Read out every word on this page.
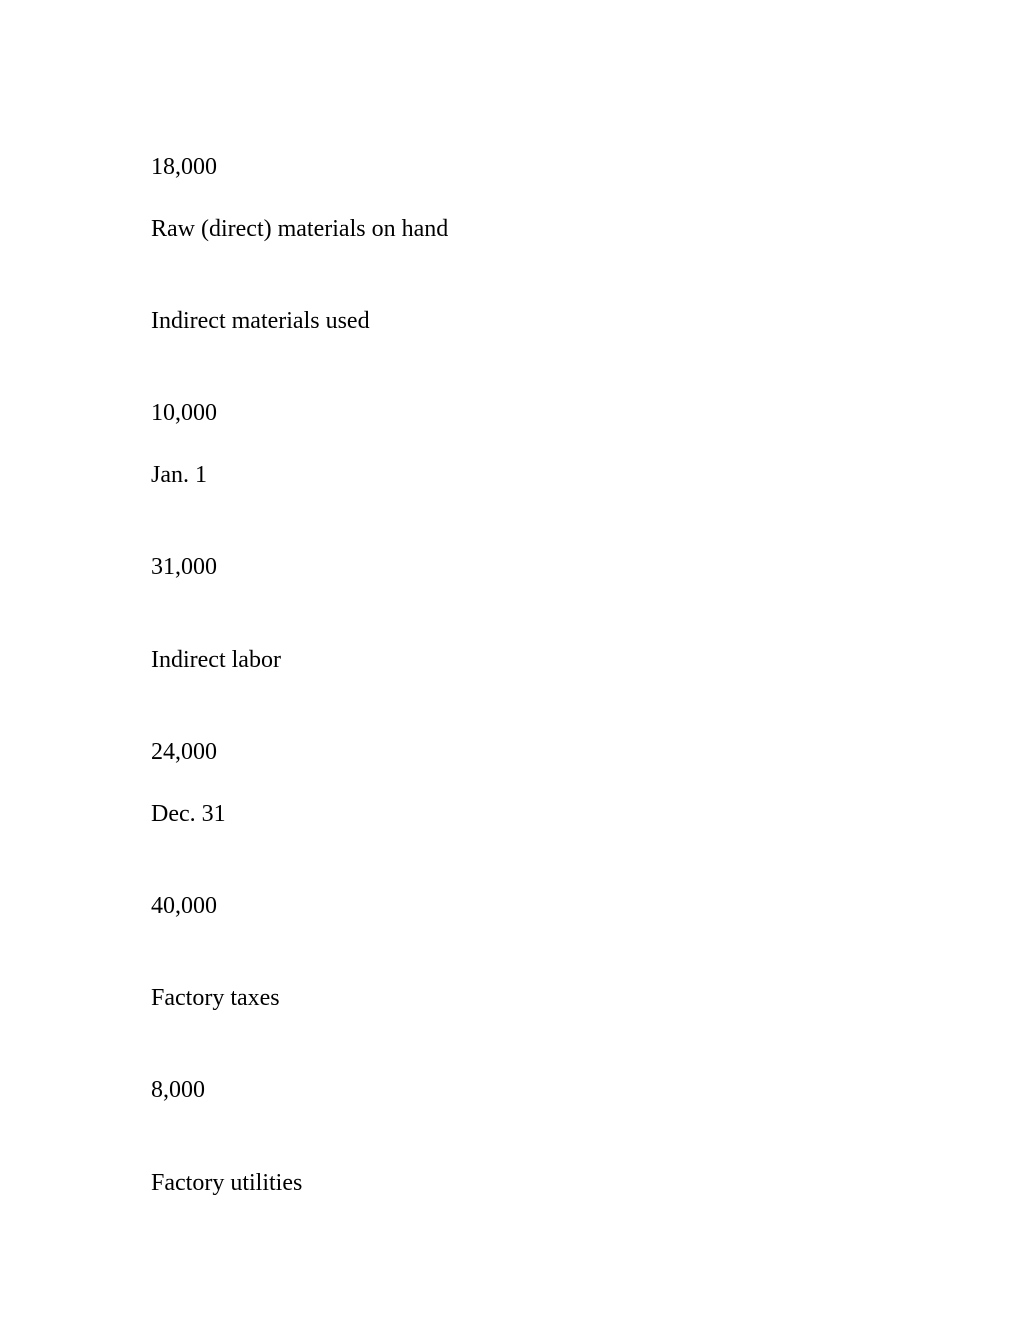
18,000
Raw (direct) materials on hand
Indirect materials used
10,000
Jan. 1
31,000
Indirect labor
24,000
Dec. 31
40,000
Factory taxes
8,000
Factory utilities
